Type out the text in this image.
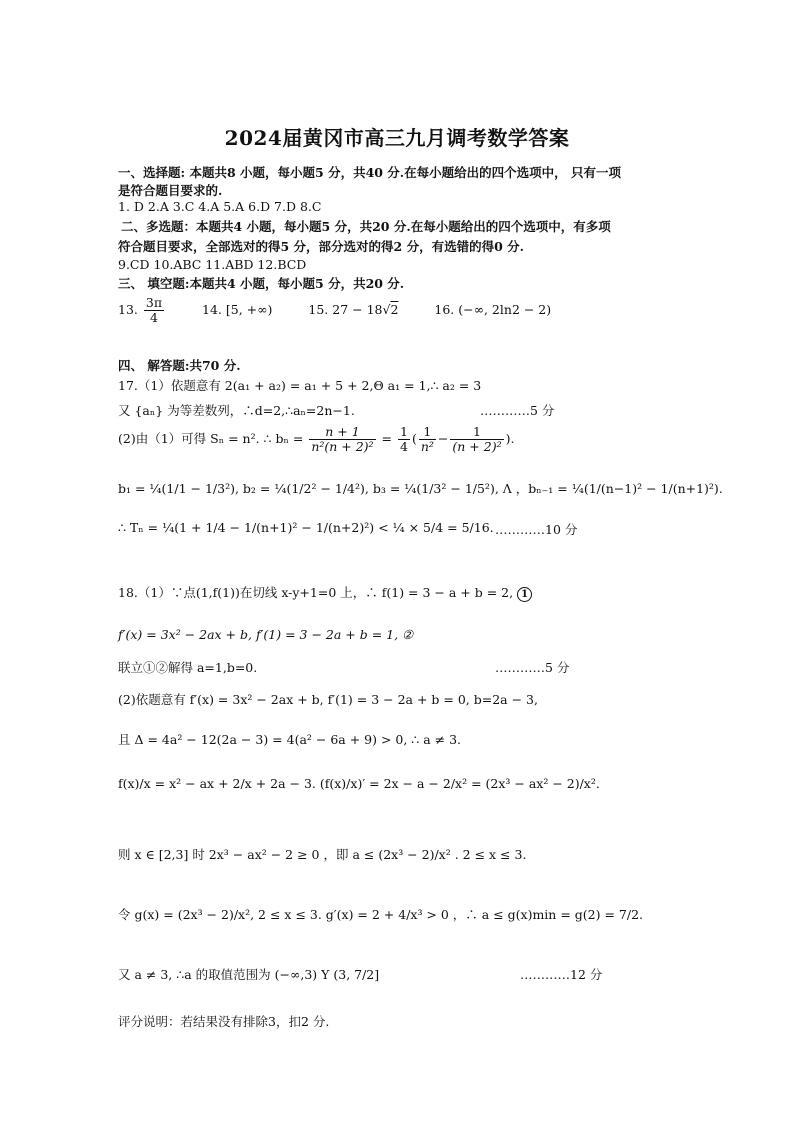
2024届黄冈市高三九月调考数学答案
一、选择题: 本题共8 小题，每小题5 分，共40 分.在每小题给出的四个选项中， 只有一项
是符合题目要求的.
1. D 2.A 3.C 4.A 5.A 6.D 7.D 8.C
二、多选题：本题共4 小题，每小题5 分，共20 分.在每小题给出的四个选项中，有多项
符合题目要求，全部选对的得5 分，部分选对的得2 分，有选错的得0 分.
9.CD 10.ABC 11.ABD 12.BCD
三、 填空题:本题共4 小题，每小题5 分，共20 分.
13. $\frac{3\pi}{4}$	14. [5, +∞)	15. 27 − 18√2	16. (−∞, 2ln2 − 2)
四、 解答题:共70 分.
17.（1）依题意有 2(a₁ + a₂) = a₁ + 5 + 2,Θ a₁ = 1,∴ a₂ = 3
又 {aₙ} 为等差数列，∴d=2,∴aₙ=2n−1.	…………5 分
(2)由（1）可得 Sₙ = n². ∴ $b_n = \frac{n + 1}{\text{n²(n + 2)²}} = \frac{1}{4}$ ( $\frac{1}{\text{n²}} - \frac{1}{\text{(n + 2)²}}$ ).
b₁ = ¼(1/1 − 1/3²), b₂ = ¼(1/2² − 1/4²), b₃ = ¼(1/3² − 1/5²), Λ ，bₙ₋₁ = ¼(1/(n−1)² − 1/(n+1)²).
∴ Tₙ = ¼(1 + 1/4 − 1/(n+1)² − 1/(n+2)²) < ¼ × 5/4 = 5/16. …………10 分
18.（1）∵点(1,f(1))在切线 x-y+1=0 上，∴ f(1) = 3 − a + b = 2, 1
f′(x) = 3x² − 2ax + b, f′(1) = 3 − 2a + b = 1, ②
联立①②解得 a=1,b=0.	…………5 分
(2)依题意有 f′(x) = 3x² − 2ax + b, f′(1) = 3 − 2a + b = 0, b=2a − 3,
且 Δ = 4a² − 12(2a − 3) = 4(a² − 6a + 9) > 0, ∴ a ≠ 3.
f(x)/x = x² − ax + 2/x + 2a − 3. (f(x)/x)′ = 2x − a − 2/x² = (2x³ − ax² − 2)/x².
则 x ∈ [2,3] 时 2x³ − ax² − 2 ≥ 0 ，即 a ≤ (2x³ − 2)/x² . 2 ≤ x ≤ 3.
令 g(x) = (2x³ − 2)/x², 2 ≤ x ≤ 3. g′(x) = 2 + 4/x³ > 0 ，∴ a ≤ g(x)min = g(2) = 7/2.
又 a ≠ 3, ∴a 的取值范围为 (−∞,3) Y (3, 7/2]	…………12 分
评分说明：若结果没有排除3，扣2 分.
